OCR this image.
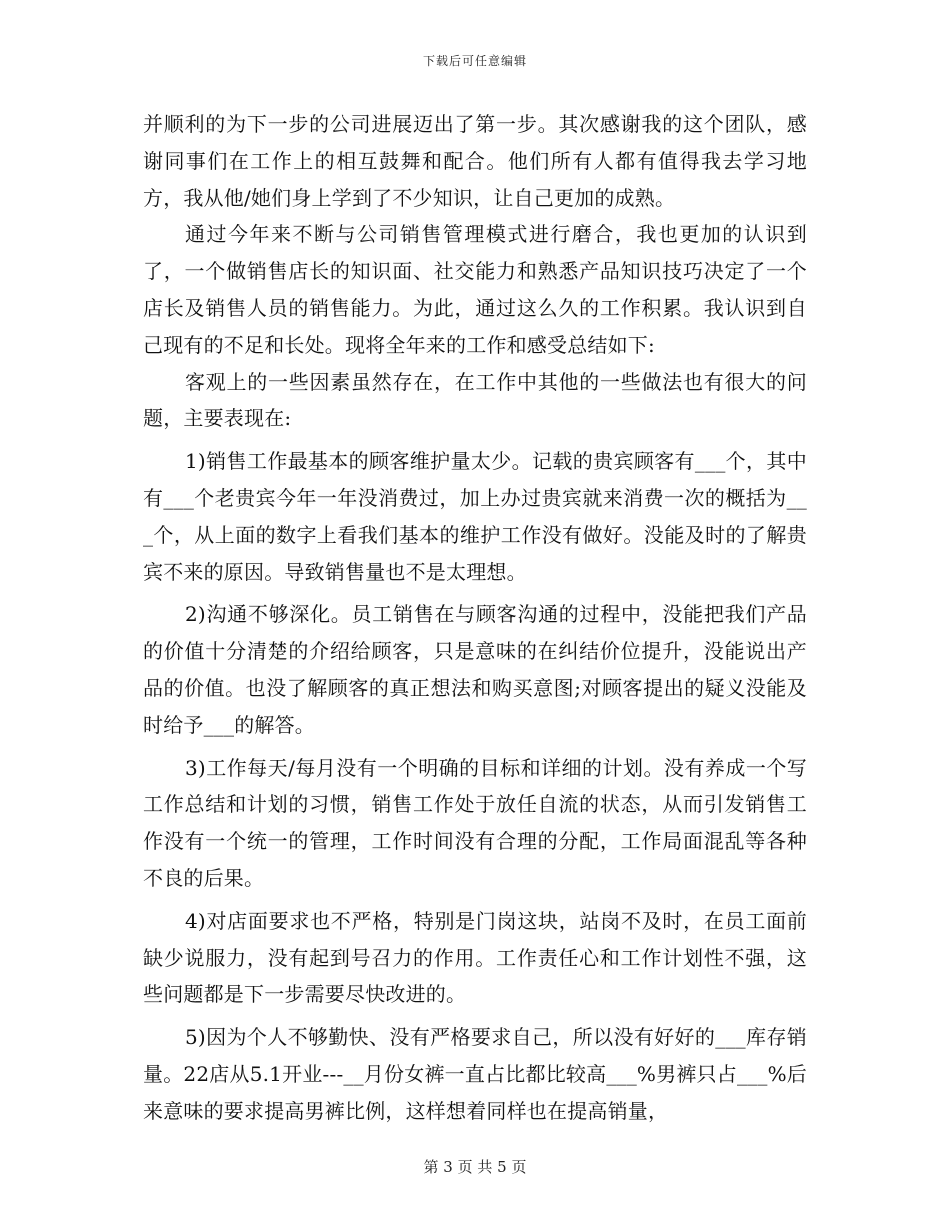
下载后可任意编辑

并顺利的为下一步的公司进展迈出了第一步。其次感谢我的这个团队，感谢同事们在工作上的相互鼓舞和配合。他们所有人都有值得我去学习地方，我从他/她们身上学到了不少知识，让自己更加的成熟。

通过今年来不断与公司销售管理模式进行磨合，我也更加的认识到了，一个做销售店长的知识面、社交能力和熟悉产品知识技巧决定了一个店长及销售人员的销售能力。为此，通过这么久的工作积累。我认识到自己现有的不足和长处。现将全年来的工作和感受总结如下:

客观上的一些因素虽然存在，在工作中其他的一些做法也有很大的问题，主要表现在:

1)销售工作最基本的顾客维护量太少。记载的贵宾顾客有___个，其中有___个老贵宾今年一年没消费过，加上办过贵宾就来消费一次的概括为___个，从上面的数字上看我们基本的维护工作没有做好。没能及时的了解贵宾不来的原因。导致销售量也不是太理想。

2)沟通不够深化。员工销售在与顾客沟通的过程中，没能把我们产品的价值十分清楚的介绍给顾客，只是意味的在纠结价位提升，没能说出产品的价值。也没了解顾客的真正想法和购买意图;对顾客提出的疑义没能及时给予___的解答。

3)工作每天/每月没有一个明确的目标和详细的计划。没有养成一个写工作总结和计划的习惯，销售工作处于放任自流的状态，从而引发销售工作没有一个统一的管理，工作时间没有合理的分配，工作局面混乱等各种不良的后果。

4)对店面要求也不严格，特别是门岗这块，站岗不及时，在员工面前缺少说服力，没有起到号召力的作用。工作责任心和工作计划性不强，这些问题都是下一步需要尽快改进的。

5)因为个人不够勤快、没有严格要求自己，所以没有好好的___库存销量。22店从5.1开业---__月份女裤一直占比都比较高___%男裤只占___%后来意味的要求提高男裤比例，这样想着同样也在提高销量，

第 3 页 共 5 页
